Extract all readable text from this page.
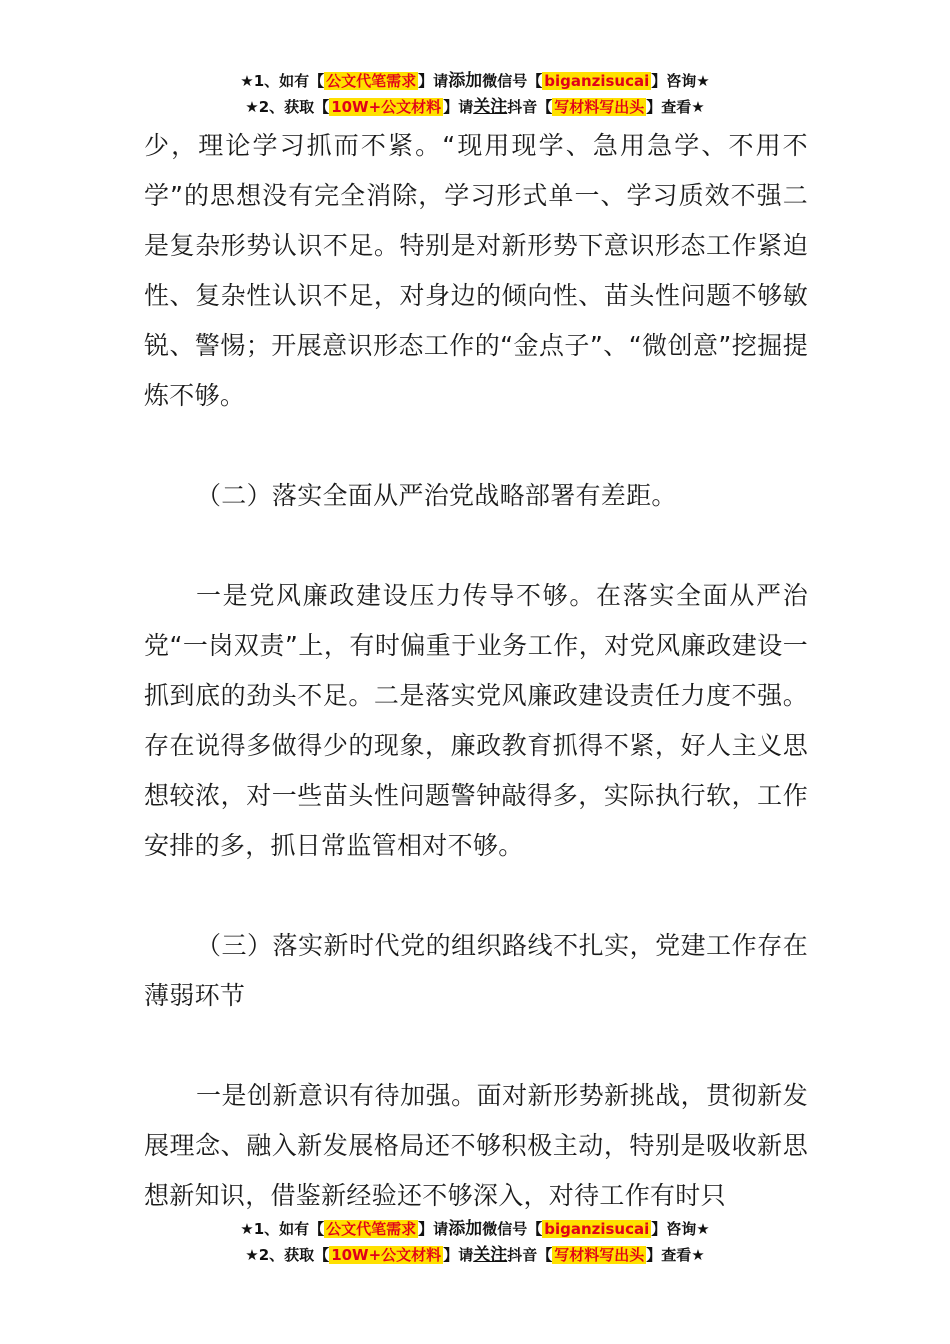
★1、如有【 公文代笔需求 】请添加微信号【 biganzisucai 】咨询★
★2、获取【 10W+公文材料 】请关注抖音【 写材料写出头 】查看★

少，理论学习抓而不紧。“现用现学、急用急学、不用不学”的思想没有完全消除，学习形式单一、学习质效不强二是复杂形势认识不足。特别是对新形势下意识形态工作紧迫性、复杂性认识不足，对身边的倾向性、苗头性问题不够敏锐、警惕；开展意识形态工作的“金点子”、“微创意”挖掘提炼不够。

（二）落实全面从严治党战略部署有差距。

一是党风廉政建设压力传导不够。在落实全面从严治党“一岗双责”上，有时偏重于业务工作，对党风廉政建设一抓到底的劲头不足。二是落实党风廉政建设责任力度不强。存在说得多做得少的现象，廉政教育抓得不紧，好人主义思想较浓，对一些苗头性问题警钟敲得多，实际执行软，工作安排的多，抓日常监管相对不够。

（三）落实新时代党的组织路线不扎实，党建工作存在薄弱环节

一是创新意识有待加强。面对新形势新挑战，贯彻新发展理念、融入新发展格局还不够积极主动，特别是吸收新思想新知识，借鉴新经验还不够深入，对待工作有时只

★1、如有【 公文代笔需求 】请添加微信号【 biganzisucai 】咨询★
★2、获取【 10W+公文材料 】请关注抖音【 写材料写出头 】查看★
